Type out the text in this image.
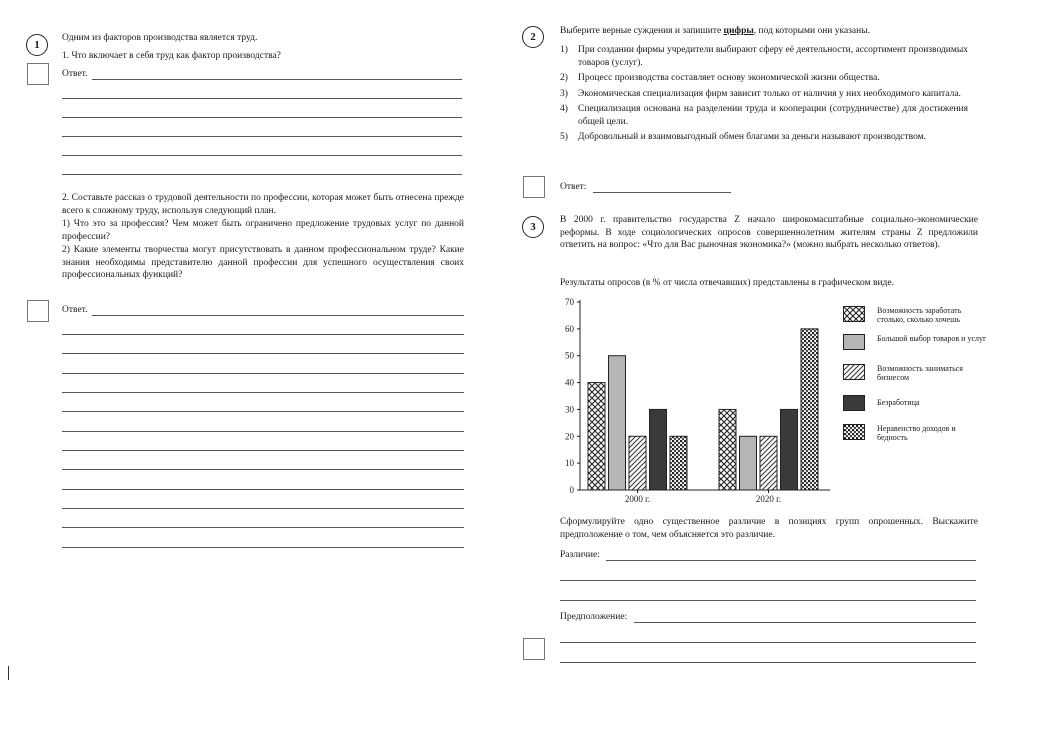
1
Одним из факторов производства является труд.
1. Что включает в себя труд как фактор производства?
Ответ.
2. Составьте рассказ о трудовой деятельности по профессии, которая может быть отнесена прежде всего к сложному труду, используя следующий план.
1) Что это за профессия? Чем может быть ограничено предложение трудовых услуг по данной профессии?
2) Какие элементы творчества могут присутствовать в данном профессиональном труде? Какие знания необходимы представителю данной профессии для успешного осуществления своих профессиональных функций?
Ответ.
2	Выберите верные суждения и запишите цифры, под которыми они указаны.
1) При создании фирмы учредители выбирают сферу её деятельности, ассортимент производимых товаров (услуг).
2) Процесс производства составляет основу экономической жизни общества.
3) Экономическая специализация фирм зависит только от наличия у них необходимого капитала.
4) Специализация основана на разделении труда и кооперации (сотрудничестве) для достижения общей цели.
5) Добровольный и взаимовыгодный обмен благами за деньги называют производством.
Ответ:
3
В 2000 г. правительство государства Z начало широкомасштабные социально-экономические реформы. В ходе социологических опросов совершеннолетним жителям страны Z предложили ответить на вопрос: «Что для Вас рыночная экономика?» (можно выбрать несколько ответов).
Результаты опросов (в % от числа отвечавших) представлены в графическом виде.
0
10
20
30
40
50
60
70
2000 г.	2020 г.
Возможность заработать столько, сколько хочешь
Большой выбор товаров и услуг
Возможность заниматься бизнесом
Безработица
Неравенство доходов и бедность
Сформулируйте одно существенное различие в позициях групп опрошенных. Выскажите предположение о том, чем объясняется это различие.
Различие:
Предположение:
